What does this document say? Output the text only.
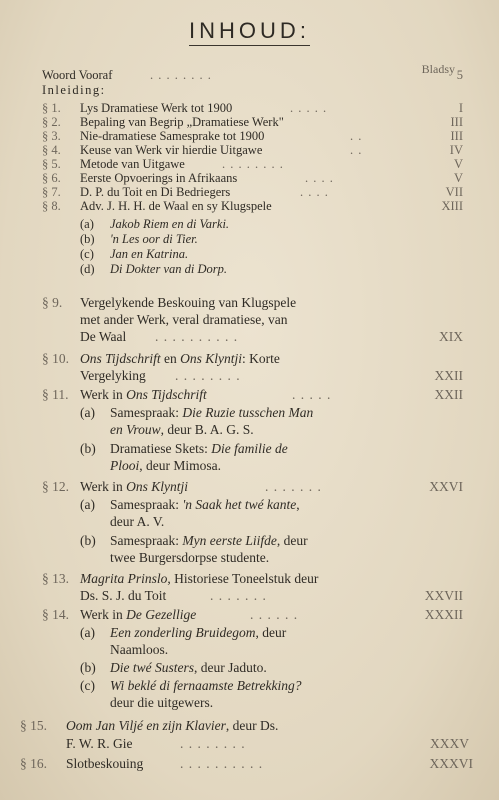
INHOUD:
Bladsy
Woord Vooraf	. . . . . . . .	5
Inleiding:
§ 1. Lys Dramatiese Werk tot 1900	. . . . .	I
§ 2. Bepaling van Begrip „Dramatiese Werk"	III
§ 3. Nie-dramatiese Samesprake tot 1900	. .	III
§ 4. Keuse van Werk vir hierdie Uitgawe	. .	IV
§ 5. Metode van Uitgawe	. . . . . . . .	V
§ 6. Eerste Opvoerings in Afrikaans	. . . .	V
§ 7. D. P. du Toit en Di Bedriegers	. . . .	VII
§ 8. Adv. J. H. H. de Waal en sy Klugspele	XIII
(a) Jakob Riem en di Varki.
(b) 'n Les oor di Tier.
(c) Jan en Katrina.
(d) Di Dokter van di Dorp.
§ 9. Vergelykende Beskouing van Klugspele
met ander Werk, veral dramatiese, van
De Waal . . . . . . . . . .	XIX
§ 10. Ons Tijdschrift en Ons Klyntji: Korte
Vergelyking . . . . . . . .	XXII
§ 11. Werk in Ons Tijdschrift	. . . . .	XXII
(a) Samespraak: Die Ruzie tusschen Man
en Vrouw, deur B. A. G. S.
(b) Dramatiese Skets: Die familie de
Plooi, deur Mimosa.
§ 12. Werk in Ons Klyntji	. . . . . . .	XXVI
(a) Samespraak: 'n Saak het twé kante,
deur A. V.
(b) Samespraak: Myn eerste Liifde, deur
twee Burgersdorpse studente.
§ 13. Magrita Prinslo, Historiese Toneelstuk deur
Ds. S. J. du Toit	. . . . . . .	XXVII
§ 14. Werk in De Gezellige	. . . . . .	XXXII
(a) Een zonderling Bruidegom, deur
Naamloos.
(b) Die twé Susters, deur Jaduto.
(c) Wi beklé di fernaamste Betrekking?
deur die uitgewers.
§ 15. Oom Jan Viljé en zijn Klavier, deur Ds.
F. W. R. Gie	. . . . . . . .	XXXV
§ 16. Slotbeskouing	. . . . . . . . . .	XXXVI
